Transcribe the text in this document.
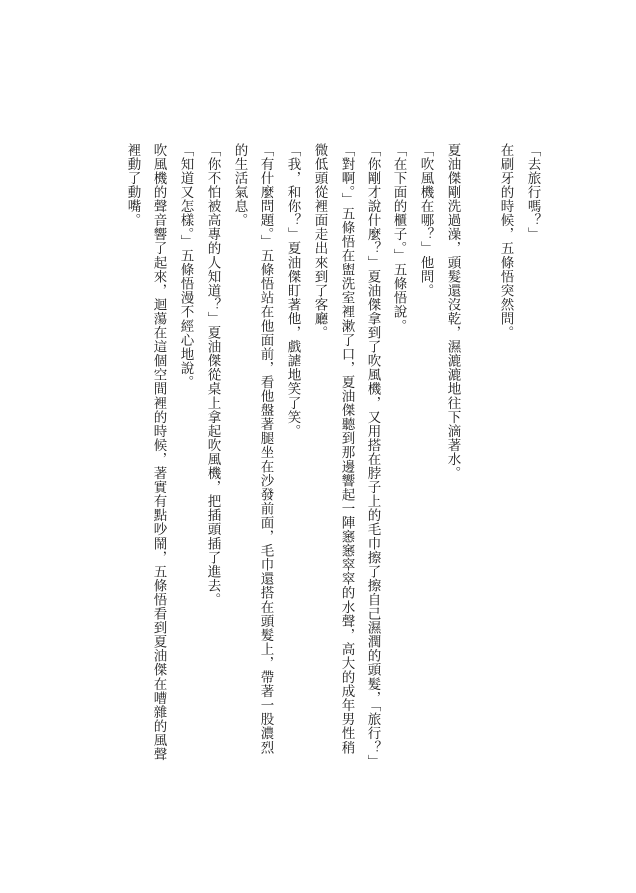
「去旅行嗎？」
在刷牙的時候，五條悟突然問。
夏油傑剛洗過澡，頭髮還沒乾，濕漉漉地往下滴著水。
「吹風機在哪？」他問。
「在下面的櫃子。」五條悟說。
「你剛才說什麼？」夏油傑拿到了吹風機，又用搭在脖子上的毛巾擦了擦自己濕潤的頭髮，「旅行？」
「對啊。」五條悟在盥洗室裡漱了口，夏油傑聽到那邊響起一陣窸窸窣窣的水聲，高大的成年男性稍
微低頭從裡面走出來到了客廳。
「我，和你？」夏油傑盯著他，戲謔地笑了笑。
「有什麼問題。」五條悟站在他面前，看他盤著腿坐在沙發前面，毛巾還搭在頭髮上，帶著一股濃烈
的生活氣息。
「你不怕被高專的人知道？」夏油傑從桌上拿起吹風機，把插頭插了進去。
「知道又怎樣。」五條悟漫不經心地說。
吹風機的聲音響了起來，迴蕩在這個空間裡的時候，著實有點吵鬧，五條悟看到夏油傑在嘈雜的風聲
裡動了動嘴。
